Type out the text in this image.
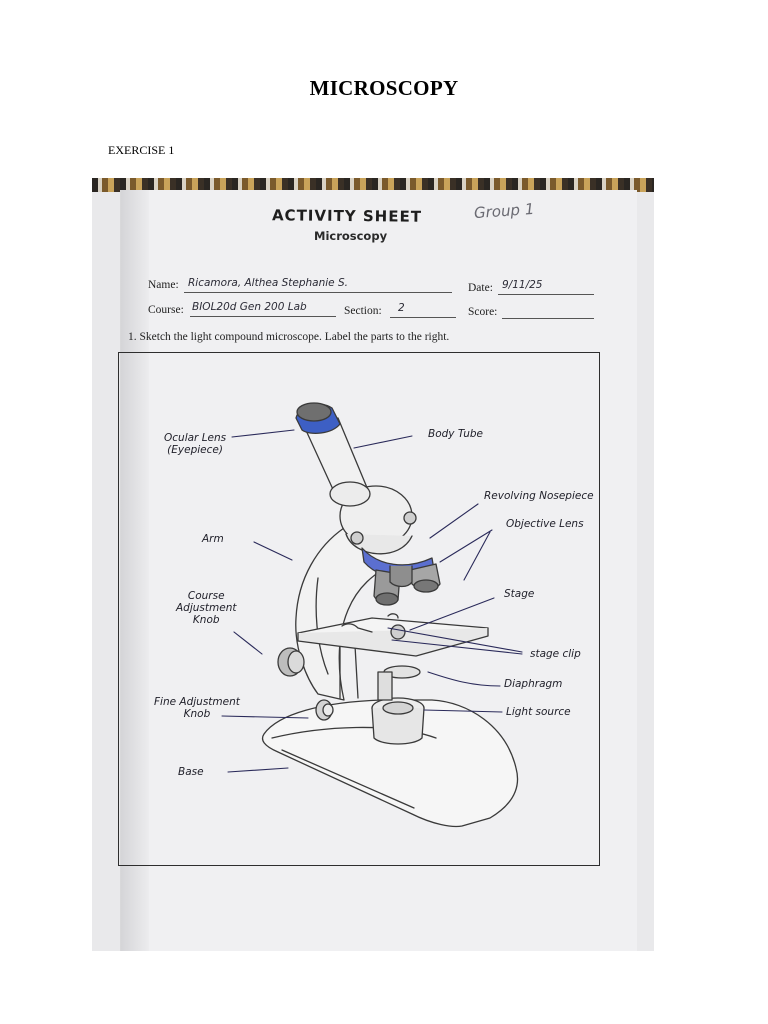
MICROSCOPY
EXERCISE 1
ACTIVITY SHEET
Microscopy
Group 1
Name: Ricamora, Althea Stephanie S.	Date: 9/11/25
Course: BIOL20d Gen 200 Lab	Section: 2	Score:
1. Sketch the light compound microscope. Label the parts to the right.
Ocular Lens
(Eyepiece)
Body Tube
Revolving Nosepiece
Objective Lens
Arm
Course
Adjustment
Knob
Stage
stage clip
Diaphragm
Fine Adjustment
Knob	Light source
Base
